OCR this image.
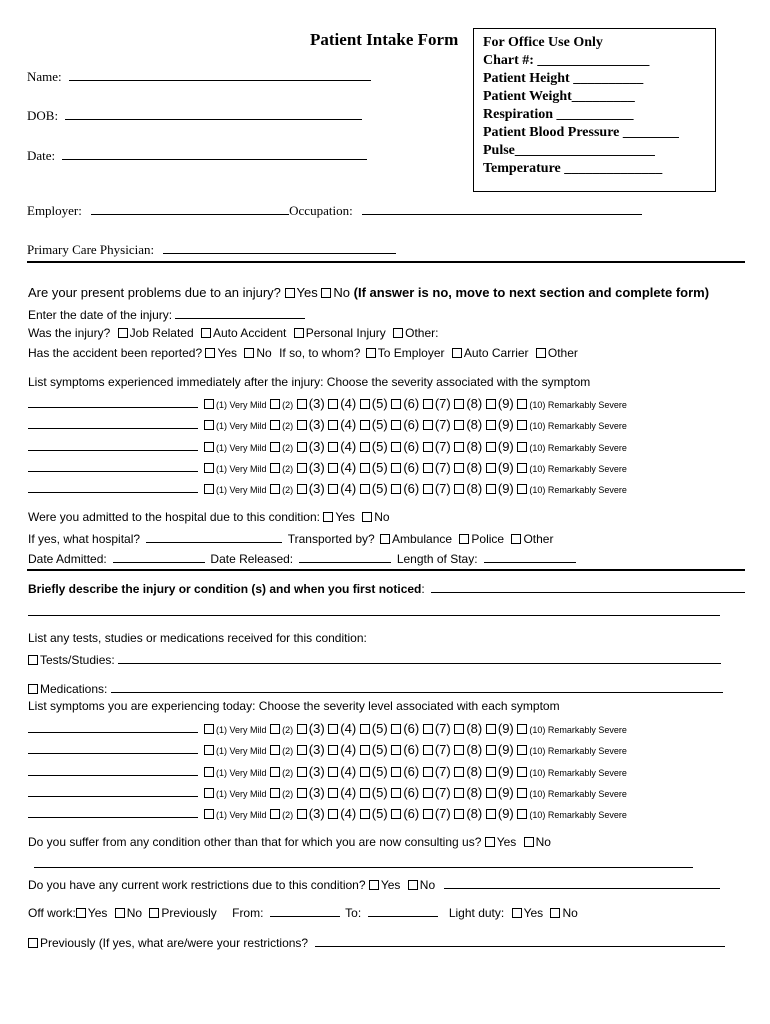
Patient Intake Form For Office Use Only
Chart #: ________________
Patient Height __________
Patient Weight_________
Respiration ___________
Patient Blood Pressure ________
Pulse____________________
Temperature ______________
Name:
DOB:
Date:
Employer:	Occupation:
Primary Care Physician:
Are your present problems due to an injury? Yes No (If answer is no, move to next section and complete form)
Enter the date of the injury:
Was the injury? Job Related Auto Accident Personal Injury Other:
Has the accident been reported? Yes No If so, to whom? To Employer Auto Carrier Other
List symptoms experienced immediately after the injury: Choose the severity associated with the symptom
(1) Very Mild (2) (3) (4) (5) (6) (7) (8) (9) (10) Remarkably Severe
(1) Very Mild (2) (3) (4) (5) (6) (7) (8) (9) (10) Remarkably Severe
(1) Very Mild (2) (3) (4) (5) (6) (7) (8) (9) (10) Remarkably Severe
(1) Very Mild (2) (3) (4) (5) (6) (7) (8) (9) (10) Remarkably Severe
(1) Very Mild (2) (3) (4) (5) (6) (7) (8) (9) (10) Remarkably Severe
Were you admitted to the hospital due to this condition: Yes No
If yes, what hospital?	Transported by? Ambulance Police Other
Date Admitted:	Date Released:	Length of Stay:
Briefly describe the injury or condition (s) and when you first noticed:
List any tests, studies or medications received for this condition:
Tests/Studies:
Medications:
List symptoms you are experiencing today: Choose the severity level associated with each symptom
(1) Very Mild (2) (3) (4) (5) (6) (7) (8) (9) (10) Remarkably Severe
(1) Very Mild (2) (3) (4) (5) (6) (7) (8) (9) (10) Remarkably Severe
(1) Very Mild (2) (3) (4) (5) (6) (7) (8) (9) (10) Remarkably Severe
(1) Very Mild (2) (3) (4) (5) (6) (7) (8) (9) (10) Remarkably Severe
(1) Very Mild (2) (3) (4) (5) (6) (7) (8) (9) (10) Remarkably Severe
Do you suffer from any condition other than that for which you are now consulting us? Yes No
Do you have any current work restrictions due to this condition? Yes No
Off work: Yes No Previously From:	To:	Light duty: Yes No
Previously (If yes, what are/were your restrictions?
